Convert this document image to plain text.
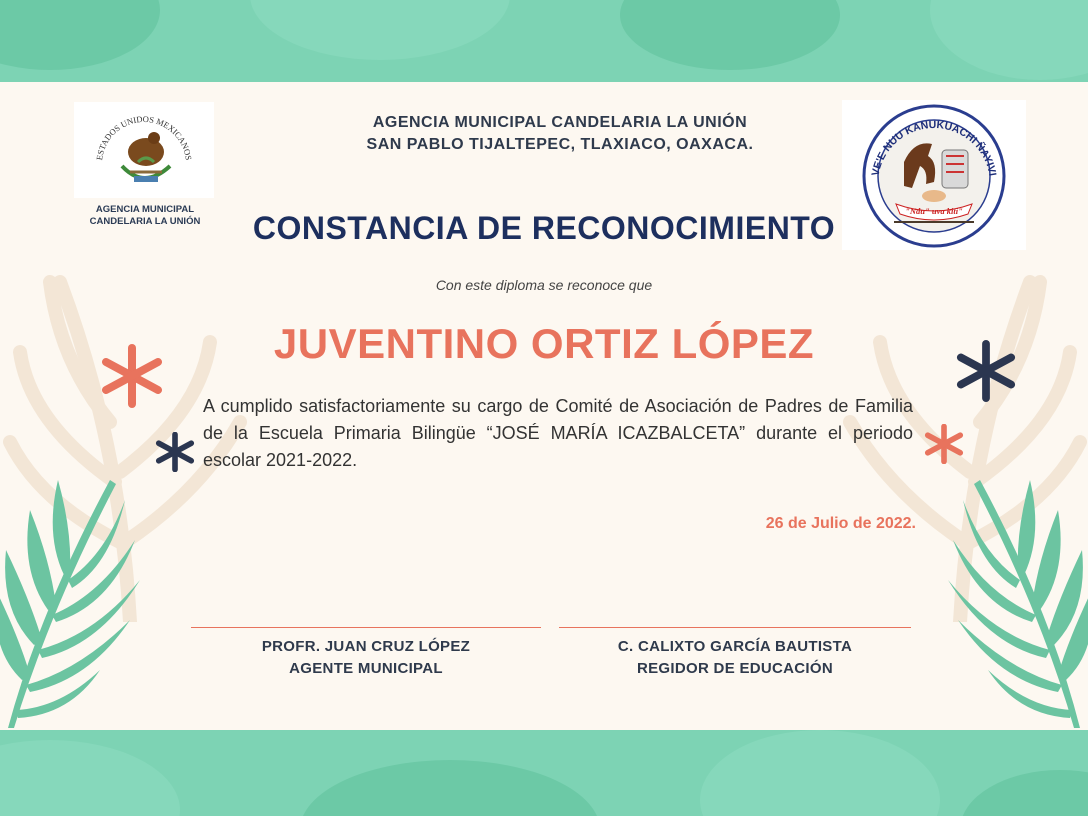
ESTADOS UNIDOS MEXICANOS
AGENCIA MUNICIPAL
CANDELARIA LA UNIÓN
AGENCIA MUNICIPAL CANDELARIA LA UNIÓN
SAN PABLO TIJALTEPEC, TLAXIACO, OAXACA.
CONSTANCIA DE RECONOCIMIENTO
VE'E NUU KANUKUACHI ÑAYIVI
"Ndu" uva kiti"
Con este diploma se reconoce que
JUVENTINO ORTIZ LÓPEZ
A cumplido satisfactoriamente su cargo de Comité de Asociación de Padres de Familia de la Escuela Primaria Bilingüe “JOSÉ MARÍA ICAZBALCETA” durante el periodo escolar 2021-2022.
26 de Julio de 2022.
PROFR. JUAN CRUZ LÓPEZ
AGENTE MUNICIPAL
C. CALIXTO GARCÍA BAUTISTA
REGIDOR DE EDUCACIÓN
